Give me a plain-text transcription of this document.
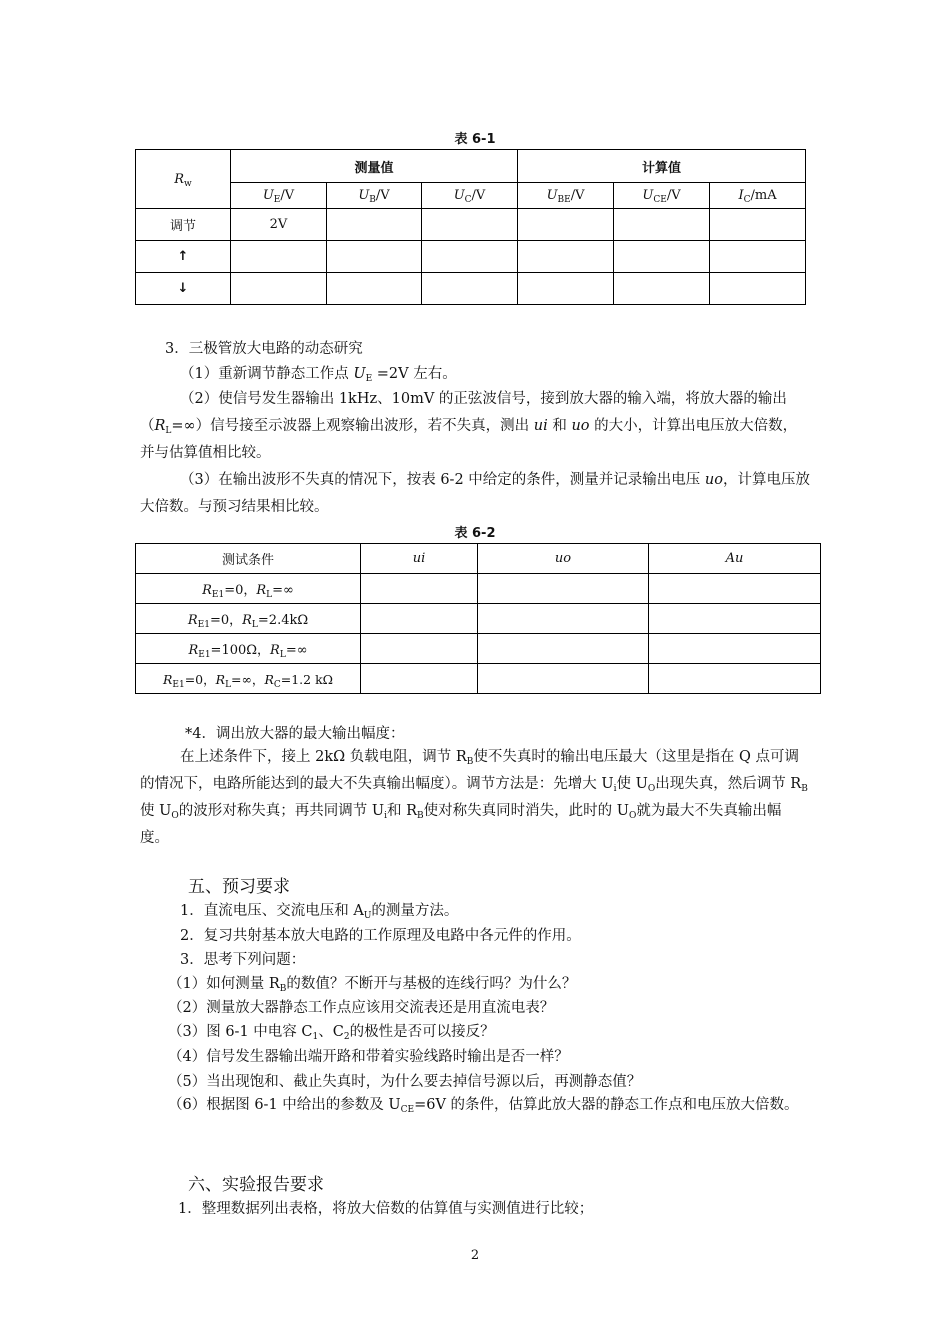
表 6-1
$R_w$	测量值			计算值		
	$U_E/V$	$U_B/V$	$U_C/V$	$U_{BE}/V$	$U_{CE}/V$	$I_C/mA$
调节	2V					
↑						
↓						
3．三极管放大电路的动态研究
（1）重新调节静态工作点 $U_E =2V$ 左右。
（2）使信号发生器输出 1kHz、10mV 的正弦波信号，接到放大器的输入端，将放大器的输出$(R_L=\infty)$信号接至示波器上观察输出波形，若不失真，测出 ui 和 uo 的大小，计算出电压放大倍数，并与估算值相比较。
（3）在输出波形不失真的情况下，按表 6-2 中给定的条件，测量并记录输出电压 uo，计算电压放大倍数。与预习结果相比较。
表 6-2
测试条件	ui	uo	Au
$R_{E1}=0$，$R_L=\infty$			
$R_{E1}=0$，$R_L=2.4k\Omega$			
$R_{E1}=100\Omega$，$R_L=\infty$			
$R_{E1}=0$，$R_L=\infty$，$R_C=1.2$ kΩ			
*4．调出放大器的最大输出幅度：
在上述条件下，接上 2kΩ 负载电阻，调节 $R_B$使不失真时的输出电压最大（这里是指在 Q 点可调的情况下，电路所能达到的最大不失真输出幅度）。调节方法是：先增大 $U_i$使 $U_O$出现失真，然后调节 $R_B$使 $U_O$的波形对称失真；再共同调节 $U_i$和 $R_B$使对称失真同时消失，此时的 $U_O$就为最大不失真输出幅度。
五、预习要求
1．直流电压、交流电压和 $A_U$的测量方法。
2．复习共射基本放大电路的工作原理及电路中各元件的作用。
3．思考下列问题：
（1）如何测量 $R_B$的数值？不断开与基极的连线行吗？为什么？
（2）测量放大器静态工作点应该用交流表还是用直流电表？
（3）图 6-1 中电容 $C_1$、$C_2$的极性是否可以接反？
（4）信号发生器输出端开路和带着实验线路时输出是否一样？
（5）当出现饱和、截止失真时，为什么要去掉信号源以后，再测静态值？
（6）根据图 6-1 中给出的参数及 $U_{CE}=6V$ 的条件，估算此放大器的静态工作点和电压放大倍数。
六、实验报告要求
1．整理数据列出表格，将放大倍数的估算值与实测值进行比较；
2
